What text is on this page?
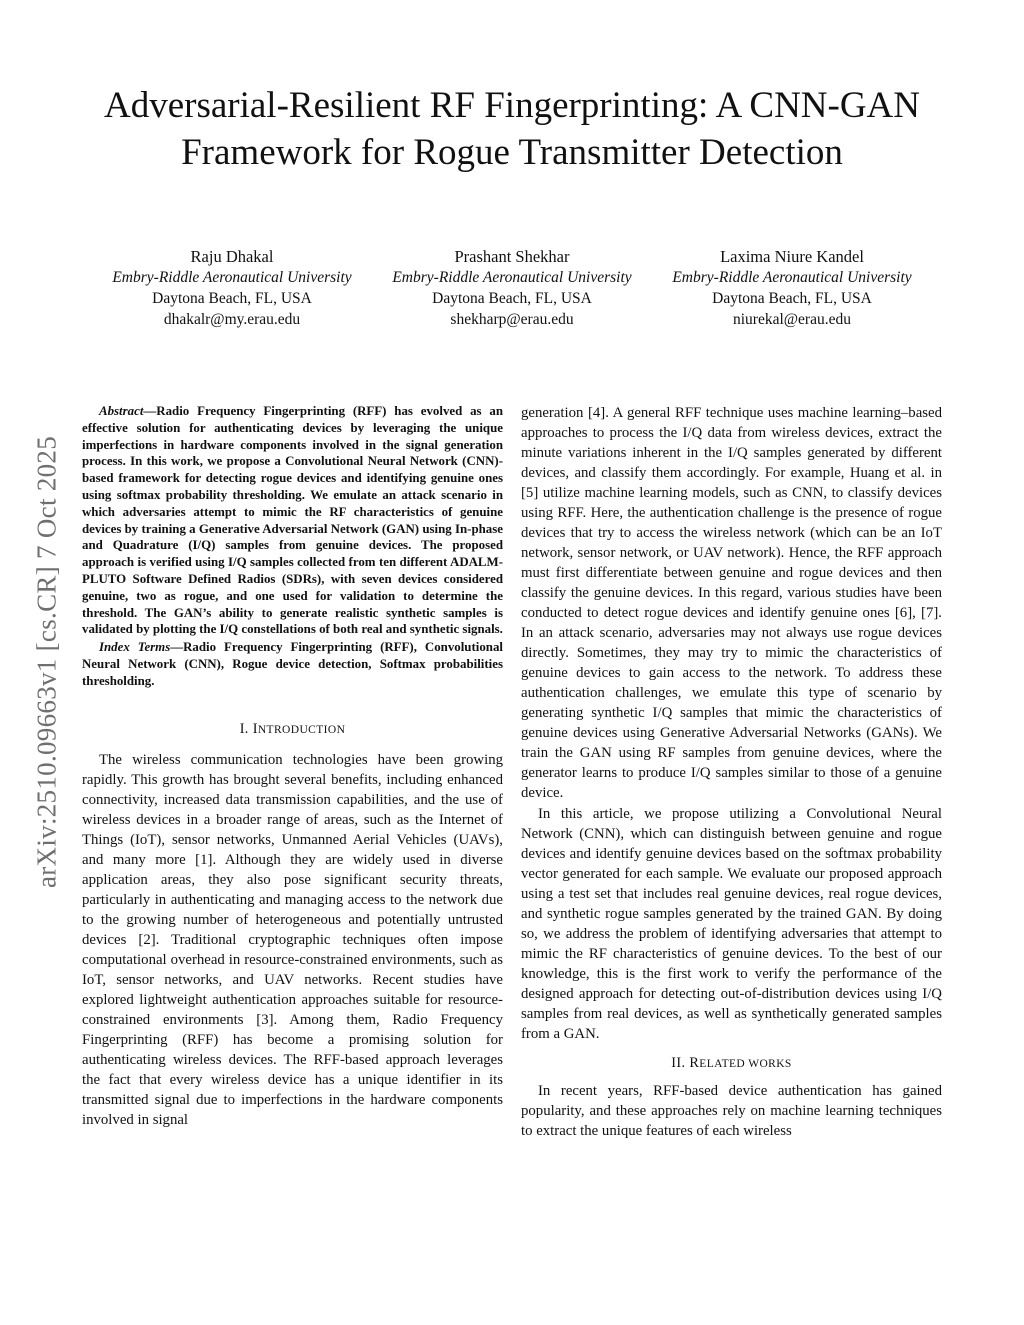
arXiv:2510.09663v1 [cs.CR] 7 Oct 2025
Adversarial-Resilient RF Fingerprinting: A CNN-GAN Framework for Rogue Transmitter Detection
Raju Dhakal
Embry-Riddle Aeronautical University
Daytona Beach, FL, USA
dhakalr@my.erau.edu
Prashant Shekhar
Embry-Riddle Aeronautical University
Daytona Beach, FL, USA
shekharp@erau.edu
Laxima Niure Kandel
Embry-Riddle Aeronautical University
Daytona Beach, FL, USA
niurekal@erau.edu

Abstract—Radio Frequency Fingerprinting (RFF) has evolved as an effective solution for authenticating devices by leveraging the unique imperfections in hardware components involved in the signal generation process. In this work, we propose a Convolutional Neural Network (CNN)-based framework for detecting rogue devices and identifying genuine ones using softmax probability thresholding. We emulate an attack scenario in which adversaries attempt to mimic the RF characteristics of genuine devices by training a Generative Adversarial Network (GAN) using In-phase and Quadrature (I/Q) samples from genuine devices. The proposed approach is verified using I/Q samples collected from ten different ADALM-PLUTO Software Defined Radios (SDRs), with seven devices considered genuine, two as rogue, and one used for validation to determine the threshold. The GAN’s ability to generate realistic synthetic samples is validated by plotting the I/Q constellations of both real and synthetic signals.

Index Terms—Radio Frequency Fingerprinting (RFF), Convolutional Neural Network (CNN), Rogue device detection, Softmax probabilities thresholding.

I. INTRODUCTION

The wireless communication technologies have been growing rapidly. This growth has brought several benefits, including enhanced connectivity, increased data transmission capabilities, and the use of wireless devices in a broader range of areas, such as the Internet of Things (IoT), sensor networks, Unmanned Aerial Vehicles (UAVs), and many more [1]. Although they are widely used in diverse application areas, they also pose significant security threats, particularly in authenticating and managing access to the network due to the growing number of heterogeneous and potentially untrusted devices [2]. Traditional cryptographic techniques often impose computational overhead in resource-constrained environments, such as IoT, sensor networks, and UAV networks. Recent studies have explored lightweight authentication approaches suitable for resource-constrained environments [3]. Among them, Radio Frequency Fingerprinting (RFF) has become a promising solution for authenticating wireless devices. The RFF-based approach leverages the fact that every wireless device has a unique identifier in its transmitted signal due to imperfections in the hardware components involved in signal

generation [4]. A general RFF technique uses machine learning–based approaches to process the I/Q data from wireless devices, extract the minute variations inherent in the I/Q samples generated by different devices, and classify them accordingly. For example, Huang et al. in [5] utilize machine learning models, such as CNN, to classify devices using RFF. Here, the authentication challenge is the presence of rogue devices that try to access the wireless network (which can be an IoT network, sensor network, or UAV network). Hence, the RFF approach must first differentiate between genuine and rogue devices and then classify the genuine devices. In this regard, various studies have been conducted to detect rogue devices and identify genuine ones [6], [7]. In an attack scenario, adversaries may not always use rogue devices directly. Sometimes, they may try to mimic the characteristics of genuine devices to gain access to the network. To address these authentication challenges, we emulate this type of scenario by generating synthetic I/Q samples that mimic the characteristics of genuine devices using Generative Adversarial Networks (GANs). We train the GAN using RF samples from genuine devices, where the generator learns to produce I/Q samples similar to those of a genuine device.

In this article, we propose utilizing a Convolutional Neural Network (CNN), which can distinguish between genuine and rogue devices and identify genuine devices based on the softmax probability vector generated for each sample. We evaluate our proposed approach using a test set that includes real genuine devices, real rogue devices, and synthetic rogue samples generated by the trained GAN. By doing so, we address the problem of identifying adversaries that attempt to mimic the RF characteristics of genuine devices. To the best of our knowledge, this is the first work to verify the performance of the designed approach for detecting out-of-distribution devices using I/Q samples from real devices, as well as synthetically generated samples from a GAN.

II. RELATED WORKS

In recent years, RFF-based device authentication has gained popularity, and these approaches rely on machine learning techniques to extract the unique features of each wireless
